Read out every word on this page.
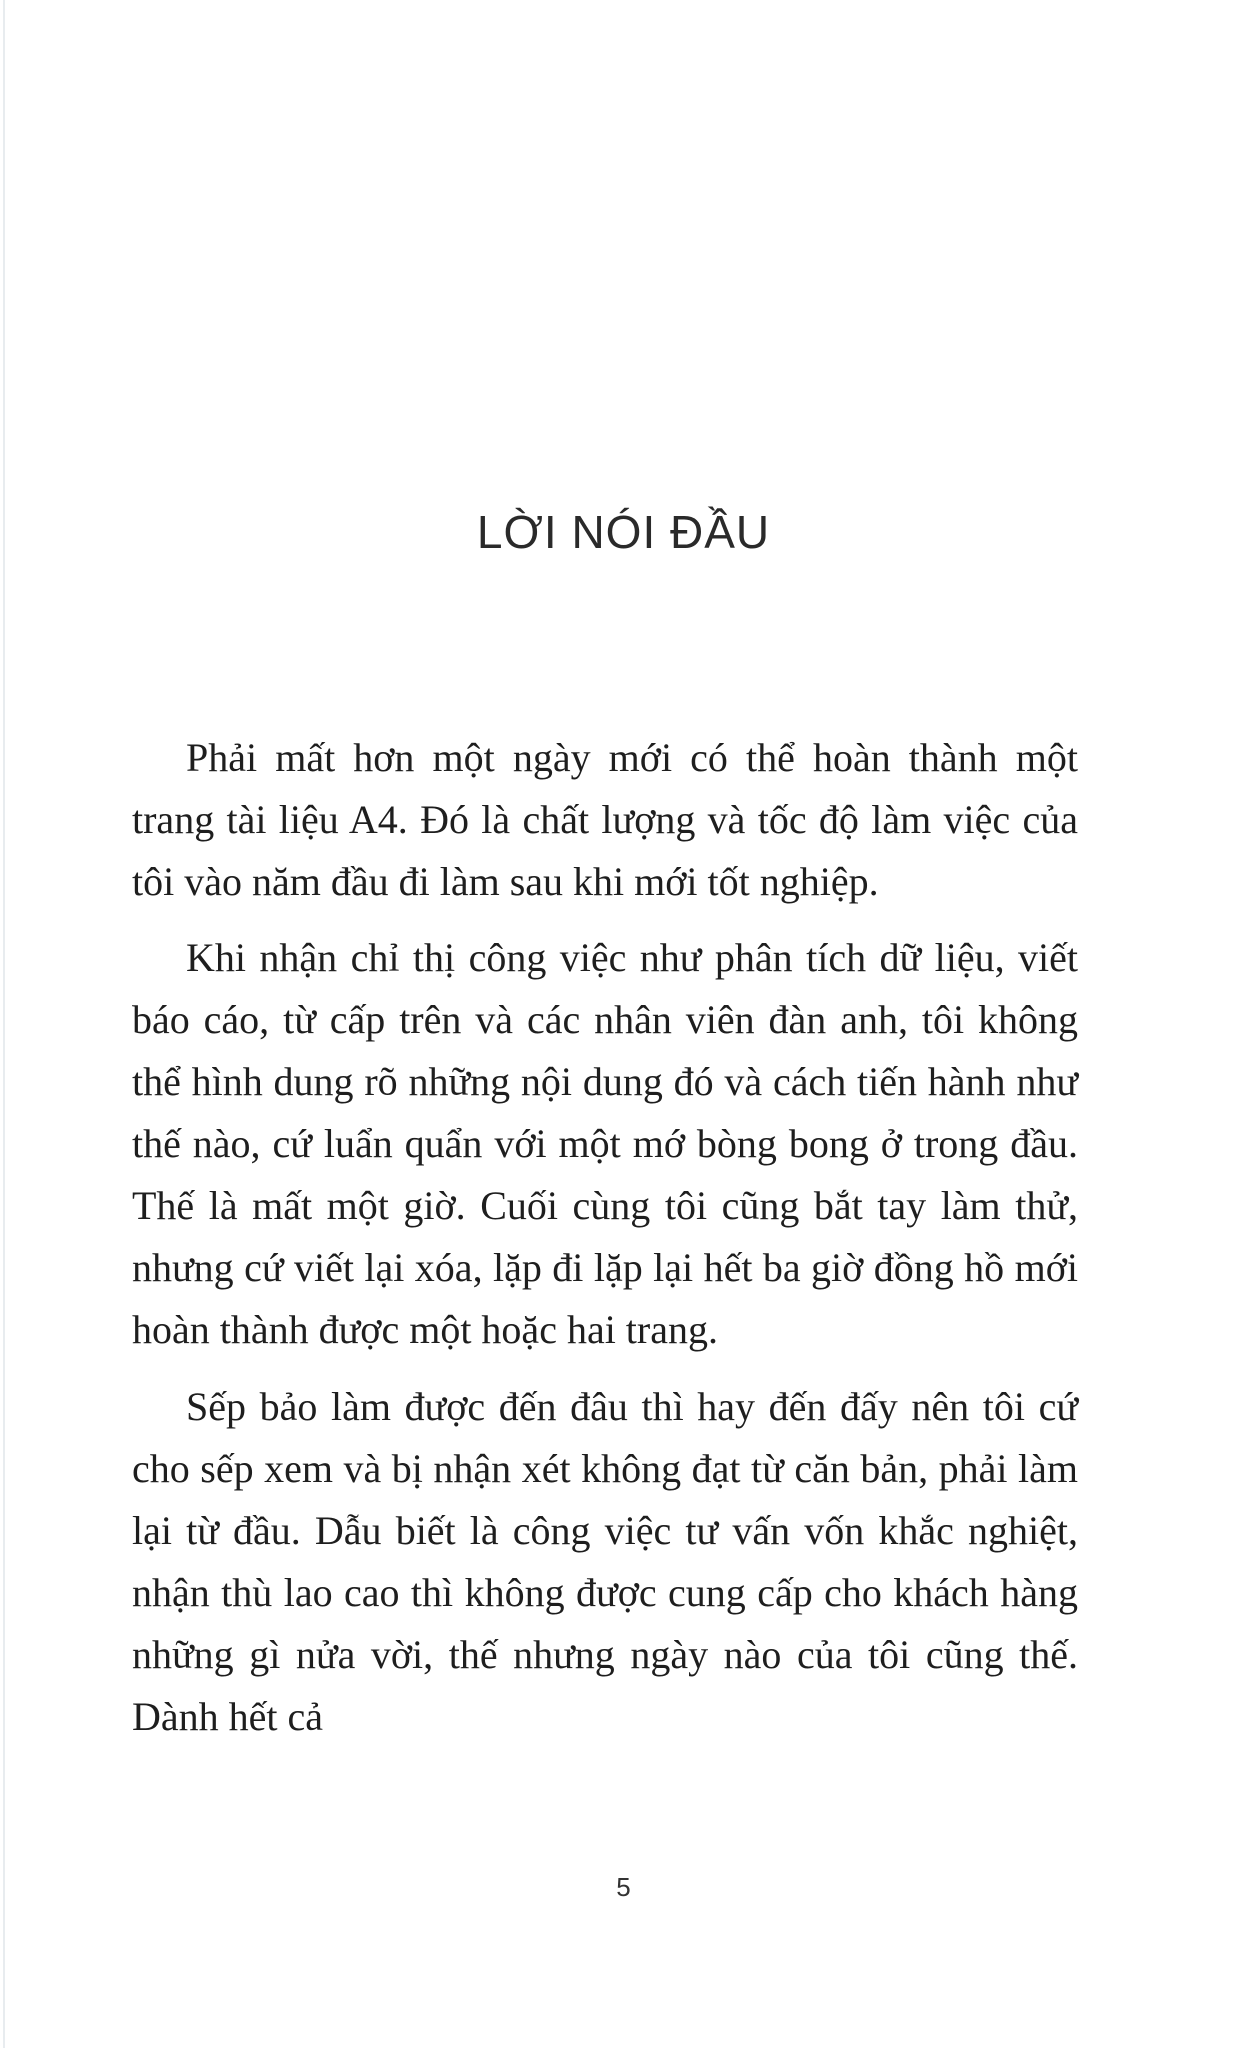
LỜI NÓI ĐẦU

Phải mất hơn một ngày mới có thể hoàn thành một trang tài liệu A4. Đó là chất lượng và tốc độ làm việc của tôi vào năm đầu đi làm sau khi mới tốt nghiệp.

Khi nhận chỉ thị công việc như phân tích dữ liệu, viết báo cáo, từ cấp trên và các nhân viên đàn anh, tôi không thể hình dung rõ những nội dung đó và cách tiến hành như thế nào, cứ luẩn quẩn với một mớ bòng bong ở trong đầu. Thế là mất một giờ. Cuối cùng tôi cũng bắt tay làm thử, nhưng cứ viết lại xóa, lặp đi lặp lại hết ba giờ đồng hồ mới hoàn thành được một hoặc hai trang.

Sếp bảo làm được đến đâu thì hay đến đấy nên tôi cứ cho sếp xem và bị nhận xét không đạt từ căn bản, phải làm lại từ đầu. Dẫu biết là công việc tư vấn vốn khắc nghiệt, nhận thù lao cao thì không được cung cấp cho khách hàng những gì nửa vời, thế nhưng ngày nào của tôi cũng thế. Dành hết cả

5
